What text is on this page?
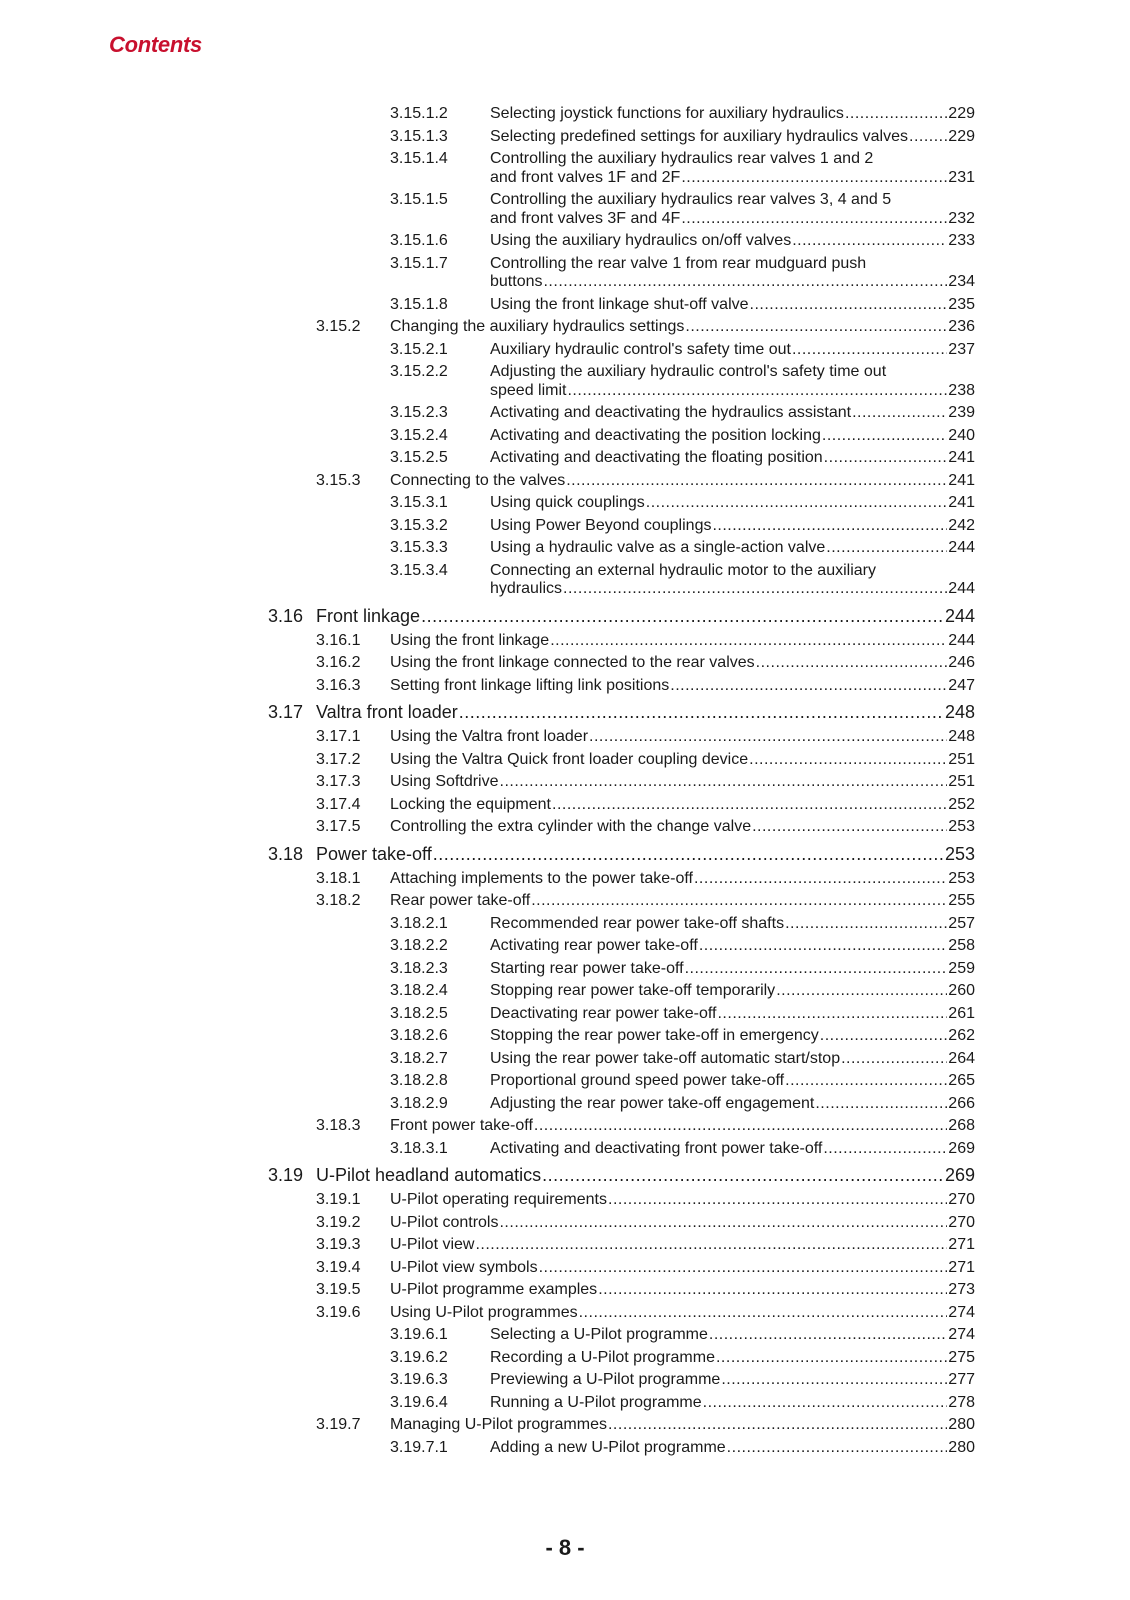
Contents
3.15.1.2	Selecting joystick functions for auxiliary hydraulics .....	229
3.15.1.3	Selecting predefined settings for auxiliary hydraulics valves .....	229
3.15.1.4	Controlling the auxiliary hydraulics rear valves 1 and 2
and front valves 1F and 2F .....	231
3.15.1.5	Controlling the auxiliary hydraulics rear valves 3, 4 and 5
and front valves 3F and 4F .....	232
3.15.1.6	Using the auxiliary hydraulics on/off valves .....	233
3.15.1.7	Controlling the rear valve 1 from rear mudguard push
buttons .....	234
3.15.1.8	Using the front linkage shut-off valve .....	235
3.15.2 Changing the auxiliary hydraulics settings .....	236
3.15.2.1	Auxiliary hydraulic control's safety time out .....	237
3.15.2.2	Adjusting the auxiliary hydraulic control's safety time out
speed limit .....	238
3.15.2.3	Activating and deactivating the hydraulics assistant .....	239
3.15.2.4	Activating and deactivating the position locking .....	240
3.15.2.5	Activating and deactivating the floating position .....	241
3.15.3 Connecting to the valves .....	241
3.15.3.1	Using quick couplings .....	241
3.15.3.2	Using Power Beyond couplings .....	242
3.15.3.3	Using a hydraulic valve as a single-action valve .....	244
3.15.3.4	Connecting an external hydraulic motor to the auxiliary
hydraulics .....	244
3.16 Front linkage .....	244
3.16.1 Using the front linkage .....	244
3.16.2 Using the front linkage connected to the rear valves .....	246
3.16.3 Setting front linkage lifting link positions .....	247
3.17 Valtra front loader .....	248
3.17.1 Using the Valtra front loader .....	248
3.17.2 Using the Valtra Quick front loader coupling device .....	251
3.17.3 Using Softdrive .....	251
3.17.4 Locking the equipment .....	252
3.17.5 Controlling the extra cylinder with the change valve .....	253
3.18 Power take-off .....	253
3.18.1 Attaching implements to the power take-off .....	253
3.18.2 Rear power take-off .....	255
3.18.2.1	Recommended rear power take-off shafts .....	257
3.18.2.2	Activating rear power take-off .....	258
3.18.2.3	Starting rear power take-off .....	259
3.18.2.4	Stopping rear power take-off temporarily .....	260
3.18.2.5	Deactivating rear power take-off .....	261
3.18.2.6	Stopping the rear power take-off in emergency .....	262
3.18.2.7	Using the rear power take-off automatic start/stop .....	264
3.18.2.8	Proportional ground speed power take-off .....	265
3.18.2.9	Adjusting the rear power take-off engagement .....	266
3.18.3 Front power take-off .....	268
3.18.3.1	Activating and deactivating front power take-off .....	269
3.19 U-Pilot headland automatics .....	269
3.19.1 U-Pilot operating requirements .....	270
3.19.2 U-Pilot controls .....	270
3.19.3 U-Pilot view .....	271
3.19.4 U-Pilot view symbols .....	271
3.19.5 U-Pilot programme examples .....	273
3.19.6 Using U-Pilot programmes .....	274
3.19.6.1	Selecting a U-Pilot programme .....	274
3.19.6.2	Recording a U-Pilot programme .....	275
3.19.6.3	Previewing a U-Pilot programme .....	277
3.19.6.4	Running a U-Pilot programme .....	278
3.19.7 Managing U-Pilot programmes .....	280
3.19.7.1	Adding a new U-Pilot programme .....	280
- 8 -
